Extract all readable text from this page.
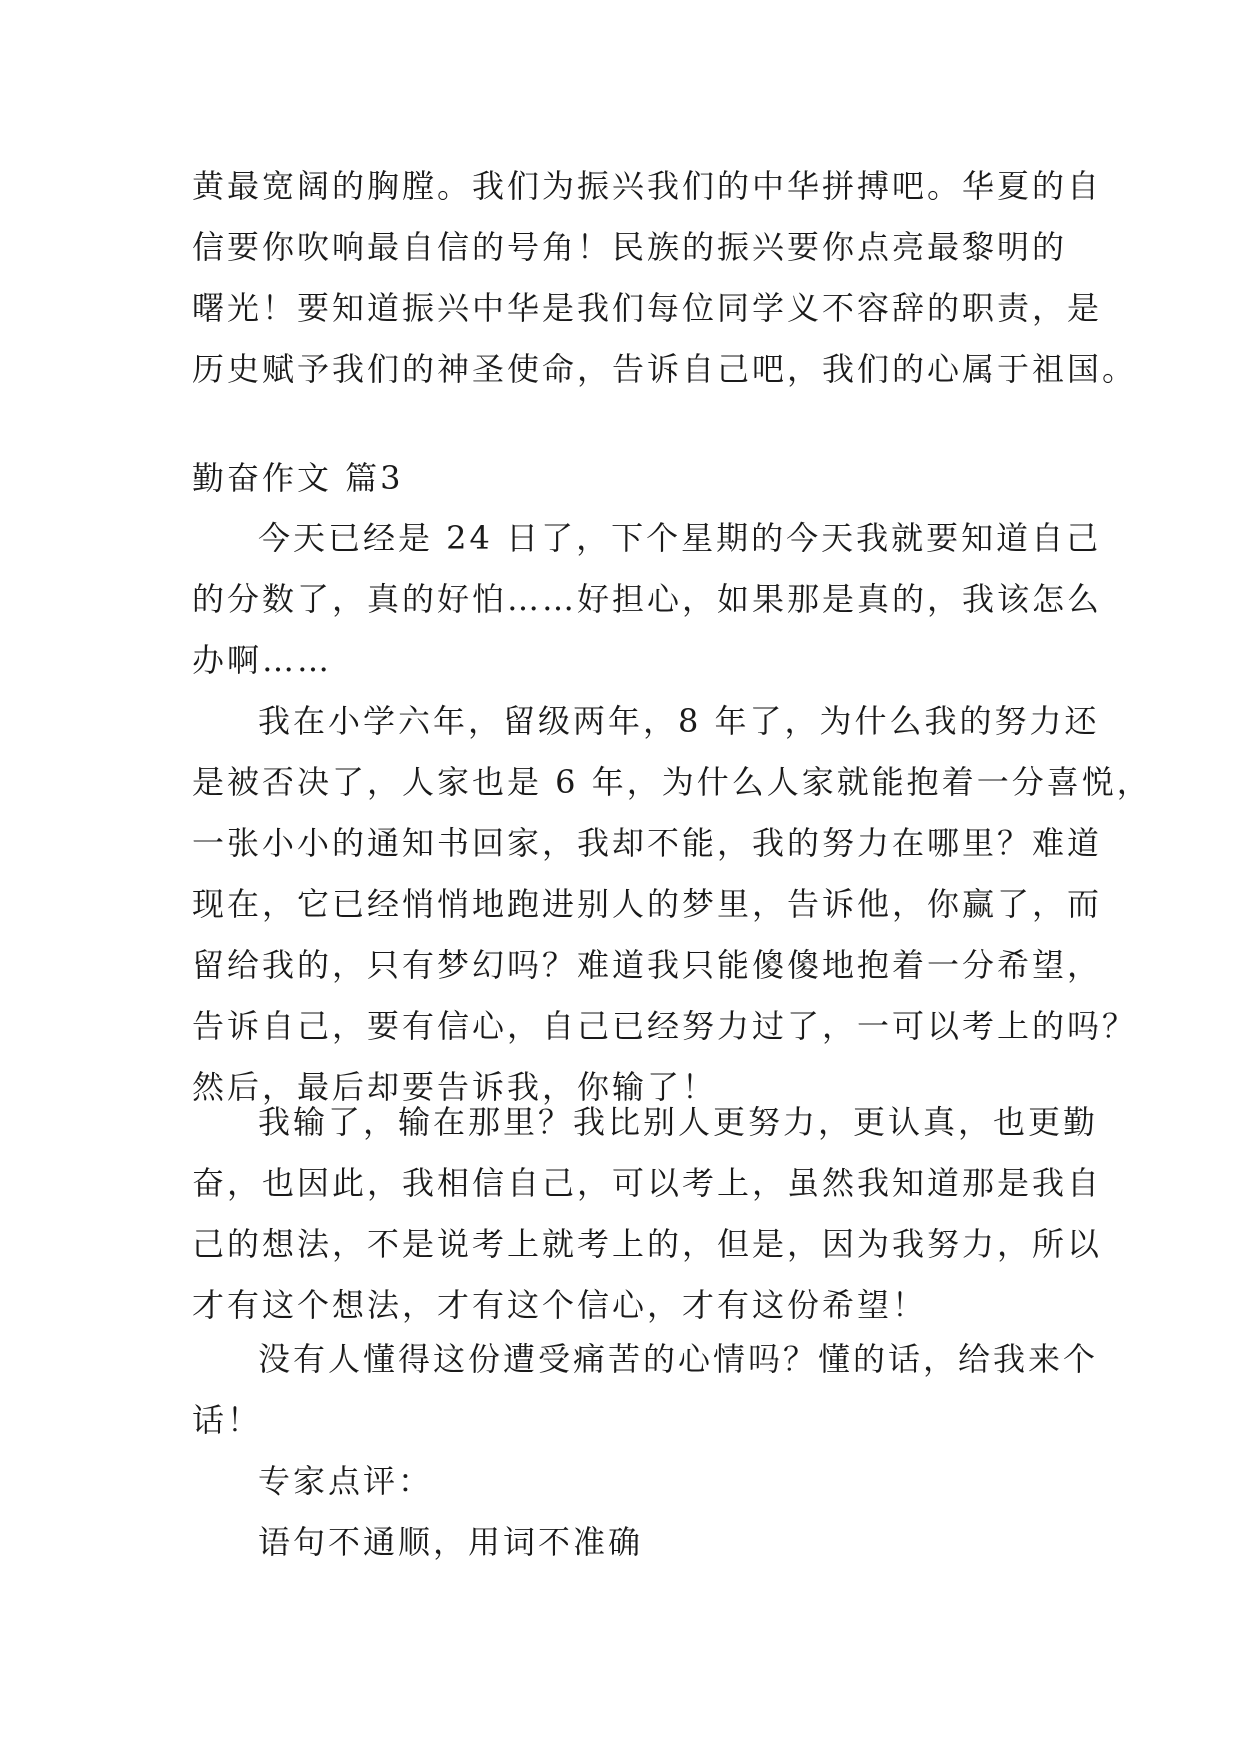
黄最宽阔的胸膛。我们为振兴我们的中华拼搏吧。华夏的自
信要你吹响最自信的号角！民族的振兴要你点亮最黎明的
曙光！要知道振兴中华是我们每位同学义不容辞的职责，是
历史赋予我们的神圣使命，告诉自己吧，我们的心属于祖国。
勤奋作文 篇3
今天已经是 24 日了，下个星期的今天我就要知道自己
的分数了，真的好怕……好担心，如果那是真的，我该怎么
办啊……
我在小学六年，留级两年，8 年了，为什么我的努力还
是被否决了，人家也是 6 年，为什么人家就能抱着一分喜悦，
一张小小的通知书回家，我却不能，我的努力在哪里？难道
现在，它已经悄悄地跑进别人的梦里，告诉他，你赢了，而
留给我的，只有梦幻吗？难道我只能傻傻地抱着一分希望，
告诉自己，要有信心，自己已经努力过了，一可以考上的吗？
然后，最后却要告诉我，你输了！
我输了，输在那里？我比别人更努力，更认真，也更勤
奋，也因此，我相信自己，可以考上，虽然我知道那是我自
己的想法，不是说考上就考上的，但是，因为我努力，所以
才有这个想法，才有这个信心，才有这份希望！
没有人懂得这份遭受痛苦的心情吗？懂的话，给我来个
话！
专家点评：
语句不通顺，用词不准确
